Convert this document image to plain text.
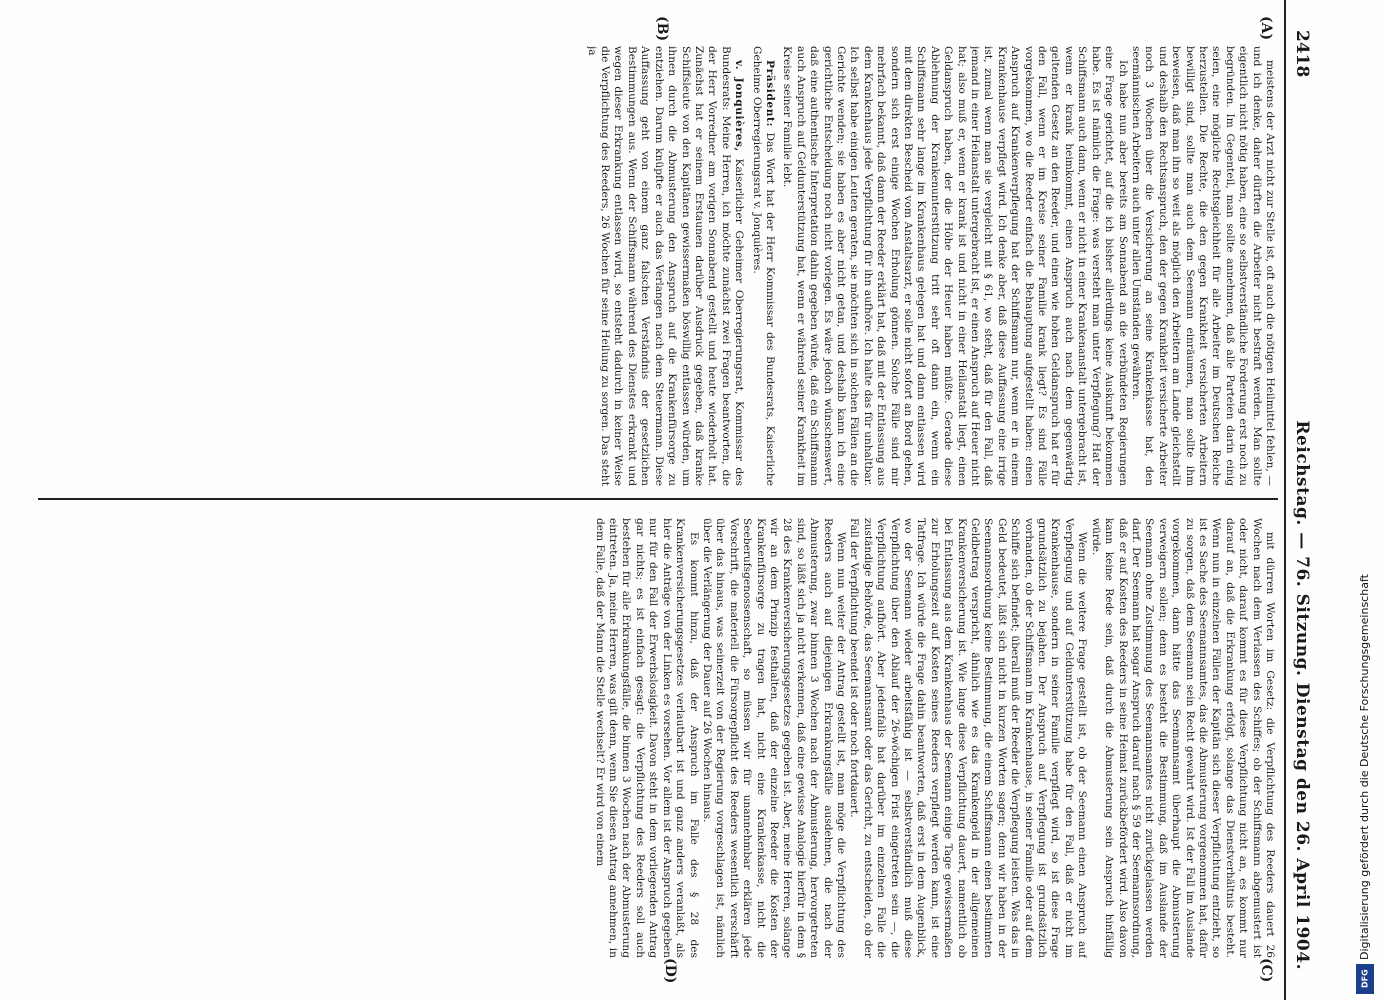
2418
Reichstag. — 76. Sitzung. Dienstag den 26. April 1904.
(A)
(B)
(C)
(D)

meistens der Arzt nicht zur Stelle ist, oft auch die nötigen Heilmittel fehlen, — und ich denke, daher dürften die Arbeiter nicht bestraft werden. Man sollte eigentlich nicht nötig haben, eine so selbstverständliche Forderung erst noch zu begründen. Im Gegenteil, man sollte annehmen, daß alle Parteien darin einig seien, eine mögliche Rechtsgleichheit für alle Arbeiter im Deutschen Reiche herzustellen. Die Rechte, die den gegen Krankheit versicherten Arbeitern bewilligt sind, sollte man auch dem Seemann einräumen, man sollte ihm beweisen, daß man ihn so weit als möglich den Arbeitern am Lande gleichstellt und deshalb den Rechtsanspruch, den der gegen Krankheit versicherte Arbeiter noch 3 Wochen über die Versicherung an seine Krankenkasse hat, den seemännischen Arbeitern auch unter allen Umständen gewähren.

Ich habe nun aber bereits am Sonnabend an die verbündeten Regierungen eine Frage gerichtet, auf die ich bisher allerdings keine Auskunft bekommen habe. Es ist nämlich die Frage: was versteht man unter Verpflegung? Hat der Schiffsmann auch dann, wenn er nicht in einer Krankenanstalt untergebracht ist, wenn er krank heimkommt, einen Anspruch auch nach dem gegenwärtig geltenden Gesetz an den Reeder, und einen wie hohen Geldanspruch hat er für den Fall, wenn er im Kreise seiner Familie krank liegt? Es sind Fälle vorgekommen, wo die Reeder einfach die Behauptung aufgestellt haben: einen Anspruch auf Krankenverpflegung hat der Schiffsmann nur, wenn er in einem Krankenhause verpflegt wird. Ich denke aber, daß diese Auffassung eine irrige ist, zumal wenn man sie vergleicht mit § 61, wo steht, daß für den Fall, daß jemand in einer Heilanstalt untergebracht ist, er einen Anspruch auf Heuer nicht hat; also muß er, wenn er krank ist und nicht in einer Heilanstalt liegt, einen Geldanspruch haben, der die Höhe der Heuer haben müßte. Gerade diese Ablehnung der Krankenunterstützung tritt sehr oft dann ein, wenn ein Schiffsmann sehr lange im Krankenhaus gelegen hat und dann entlassen wird mit dem direkten Bescheid vom Anstaltsarzt, er solle nicht sofort an Bord gehen, sondern sich erst einige Wochen Erholung gönnen. Solche Fälle sind mir mehrfach bekannt, daß dann der Reeder erklärt hat, daß mit der Entlassung aus dem Krankenhaus jede Verpflichtung für ihn aufhöre. Ich halte das für unhaltbar. Ich selbst habe einigen Leuten geraten, sie möchten sich in solchen Fällen an die Gerichte wenden; sie haben es aber nicht getan, und deshalb kann ich eine gerichtliche Entscheidung noch nicht vorlegen. Es wäre jedoch wünschenswert, daß eine authentische Interpretation dahin gegeben würde, daß ein Schiffsmann auch Anspruch auf Geldunterstützung hat, wenn er während seiner Krankheit im Kreise seiner Familie lebt.

Präsident: Das Wort hat der Herr Kommissar des Bundesrats, Kaiserliche Geheime Oberregierungsrat v. Jonquières.

v. Jonquières, Kaiserlicher Geheimer Oberregierungsrat, Kommissar des Bundesrats: Meine Herren, ich möchte zunächst zwei Fragen beantworten, die der Herr Vorredner am vorigen Sonnabend gestellt und heute wiederholt hat. Zunächst hat er seinem Erstaunen darüber Ausdruck gegeben, daß kranke Schiffsleute von den Kapitänen gewissermaßen böswillig entlassen würden, um ihnen durch die Abmusterung den Anspruch auf die Krankenfürsorge zu entziehen. Darum knüpfte er auch das Verlangen nach dem Steuermann. Diese Auffassung geht von einem ganz falschen Verständnis der gesetzlichen Bestimmungen aus. Wenn der Schiffsmann während des Dienstes erkrankt und wegen dieser Erkrankung entlassen wird, so entsteht dadurch in keiner Weise die Verpflichtung des Reeders, 26 Wochen für seine Heilung zu sorgen. Das steht ja

mit dürren Worten im Gesetz: die Verpflichtung des Reeders dauert 26 Wochen nach dem Verlassen des Schiffes; ob der Schiffsmann abgemustert ist oder nicht, darauf kommt es für diese Verpflichtung nicht an, es kommt nur darauf an, daß die Erkrankung erfolgt, solange das Dienstverhältnis besteht. Wenn nun in einzelnen Fällen der Kapitän sich dieser Verpflichtung entzieht, so ist es Sache des Seemannsamtes, das die Abmusterung vorgenommen hat, dafür zu sorgen, daß dem Seemann sein Recht gewahrt wird. Ist der Fall im Auslande vorgekommen, dann hätte das Seemannsamt überhaupt die Abmusterung verweigern sollen; denn es besteht die Bestimmung, daß im Auslande der Seemann ohne Zustimmung des Seemannsamtes nicht zurückgelassen werden darf. Der Seemann hat sogar Anspruch darauf nach § 59 der Seemannsordnung, daß er auf Kosten des Reeders in seine Heimat zurückbefördert wird. Also davon kann keine Rede sein, daß durch die Abmusterung sein Anspruch hinfällig würde.

Wenn die weitere Frage gestellt ist, ob der Seemann einen Anspruch auf Verpflegung und auf Geldunterstützung habe für den Fall, daß er nicht im Krankenhause, sondern in seiner Familie verpflegt wird, so ist diese Frage grundsätzlich zu bejahen. Der Anspruch auf Verpflegung ist grundsätzlich vorhanden, ob der Schiffsmann im Krankenhause, in seiner Familie oder auf dem Schiffe sich befindet; überall muß der Reeder die Verpflegung leisten. Was das in Geld bedeutet, läßt sich nicht in kurzen Worten sagen; denn wir haben in der Seemannsordnung keine Bestimmung, die einem Schiffsmann einen bestimmten Geldbetrag verspricht, ähnlich wie es das Krankengeld in der allgemeinen Krankenversicherung ist. Wie lange diese Verpflichtung dauert, namentlich ob bei Entlassung aus dem Krankenhaus der Seemann einige Tage gewissermaßen zur Erholungszeit auf Kosten seines Reeders verpflegt werden kann, ist eine Tatfrage. Ich würde die Frage dahin beantworten, daß erst in dem Augenblick, wo der Seemann wieder arbeitsfähig ist — selbstverständlich muß diese Verpflichtung über den Ablauf der 26-wöchigen Frist eingetreten sein —, die Verpflichtung aufhört. Aber jedenfalls hat darüber im einzelnen Falle die zuständige Behörde, das Seemannsamt oder das Gericht, zu entscheiden, ob der Fall der Verpflichtung beendet ist oder noch fortdauert.

Wenn nun weiter der Antrag gestellt ist, man möge die Verpflichtung des Reeders auch auf diejenigen Erkrankungsfälle ausdehnen, die nach der Abmusterung, zwar binnen 3 Wochen nach der Abmusterung, hervorgetreten sind, so läßt sich ja nicht verkennen, daß eine gewisse Analogie hierfür in dem § 28 des Krankenversicherungsgesetzes gegeben ist. Aber, meine Herren, solange wir an dem Prinzip festhalten, daß der einzelne Reeder die Kosten der Krankenfürsorge zu tragen hat, nicht eine Krankenkasse, nicht die Seeberufsgenossenschaft, so müssen wir für unannehmbar erklären jede Vorschrift, die materiell die Fürsorgepflicht des Reeders wesentlich verschärft über das hinaus, was seinerzeit von der Regierung vorgeschlagen ist, nämlich über die Verlängerung der Dauer auf 26 Wochen hinaus.

Es kommt hinzu, daß der Anspruch im Falle des § 28 des Krankenversicherungsgesetzes verlautbart ist und ganz anders veranlaßt, als hier die Anträge von der Linken es vorsehen. Vor allem ist der Anspruch gegeben nur für den Fall der Erwerbslosigkeit. Davon steht in dem vorliegenden Antrag gar nichts; es ist einfach gesagt: die Verpflichtung des Reeders soll auch bestehen für alle Erkrankungsfälle, die binnen 3 Wochen nach der Abmusterung eintreten. Ja, meine Herren, was gilt denn, wenn Sie diesen Antrag annehmen, in dem Falle, daß der Mann die Stelle wechselt? Er wird von einem	Digitalisierung gefördert durch die Deutsche Forschungsgemeinschaft
DFG
